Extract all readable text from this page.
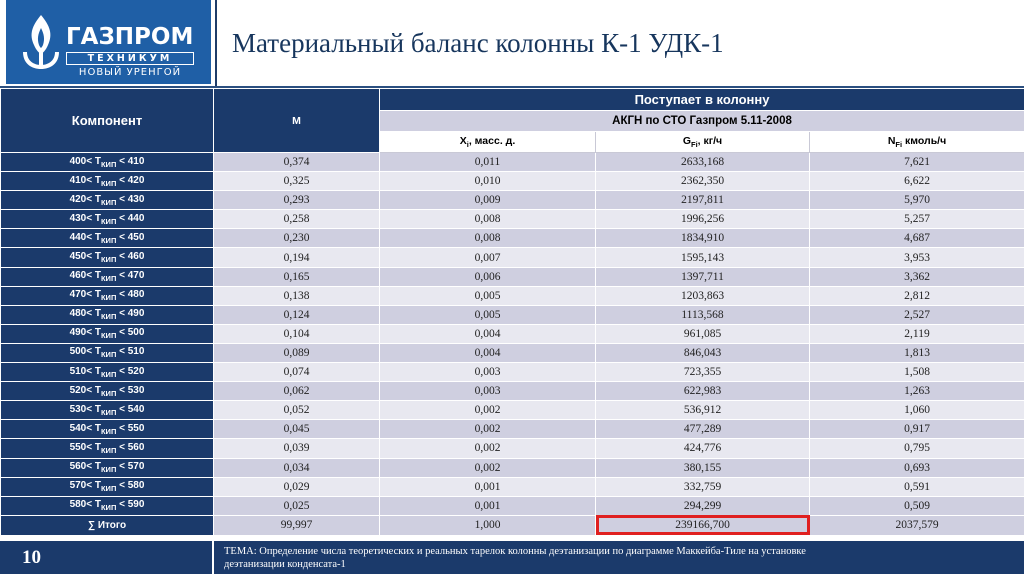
ГАЗПРОМ
ТЕХНИКУМ
НОВЫЙ УРЕНГОЙ
Материальный баланс колонны К-1 УДК-1
Компонент	М	Поступает в колонну		
		АКГН по СТО Газпром 5.11-2008		
		$X_i$, масс. д.	$G_{Fi}$, кг/ч	$N_{Fi}$ кмоль/ч
$400< T_{КИП} < 410$	0,374	0,011	2633,168	7,621
$410< T_{КИП} < 420$	0,325	0,010	2362,350	6,622
$420< T_{КИП} < 430$	0,293	0,009	2197,811	5,970
$430< T_{КИП} < 440$	0,258	0,008	1996,256	5,257
$440< T_{КИП} < 450$	0,230	0,008	1834,910	4,687
$450< T_{КИП} < 460$	0,194	0,007	1595,143	3,953
$460< T_{КИП} < 470$	0,165	0,006	1397,711	3,362
$470< T_{КИП} < 480$	0,138	0,005	1203,863	2,812
$480< T_{КИП} < 490$	0,124	0,005	1113,568	2,527
$490< T_{КИП} < 500$	0,104	0,004	961,085	2,119
$500< T_{КИП} < 510$	0,089	0,004	846,043	1,813
$510< T_{КИП} < 520$	0,074	0,003	723,355	1,508
$520< T_{КИП} < 530$	0,062	0,003	622,983	1,263
$530< T_{КИП} < 540$	0,052	0,002	536,912	1,060
$540< T_{КИП} < 550$	0,045	0,002	477,289	0,917
$550< T_{КИП} < 560$	0,039	0,002	424,776	0,795
$560< T_{КИП} < 570$	0,034	0,002	380,155	0,693
$570< T_{КИП} < 580$	0,029	0,001	332,759	0,591
$580< T_{КИП} < 590$	0,025	0,001	294,299	0,509
∑ Итого	99,997	1,000	239166,700	2037,579
10	ТЕМА: Определение числа теоретических и реальных тарелок колонны деэтанизации по диаграмме Маккейба-Тиле на установке деэтанизации конденсата-1
